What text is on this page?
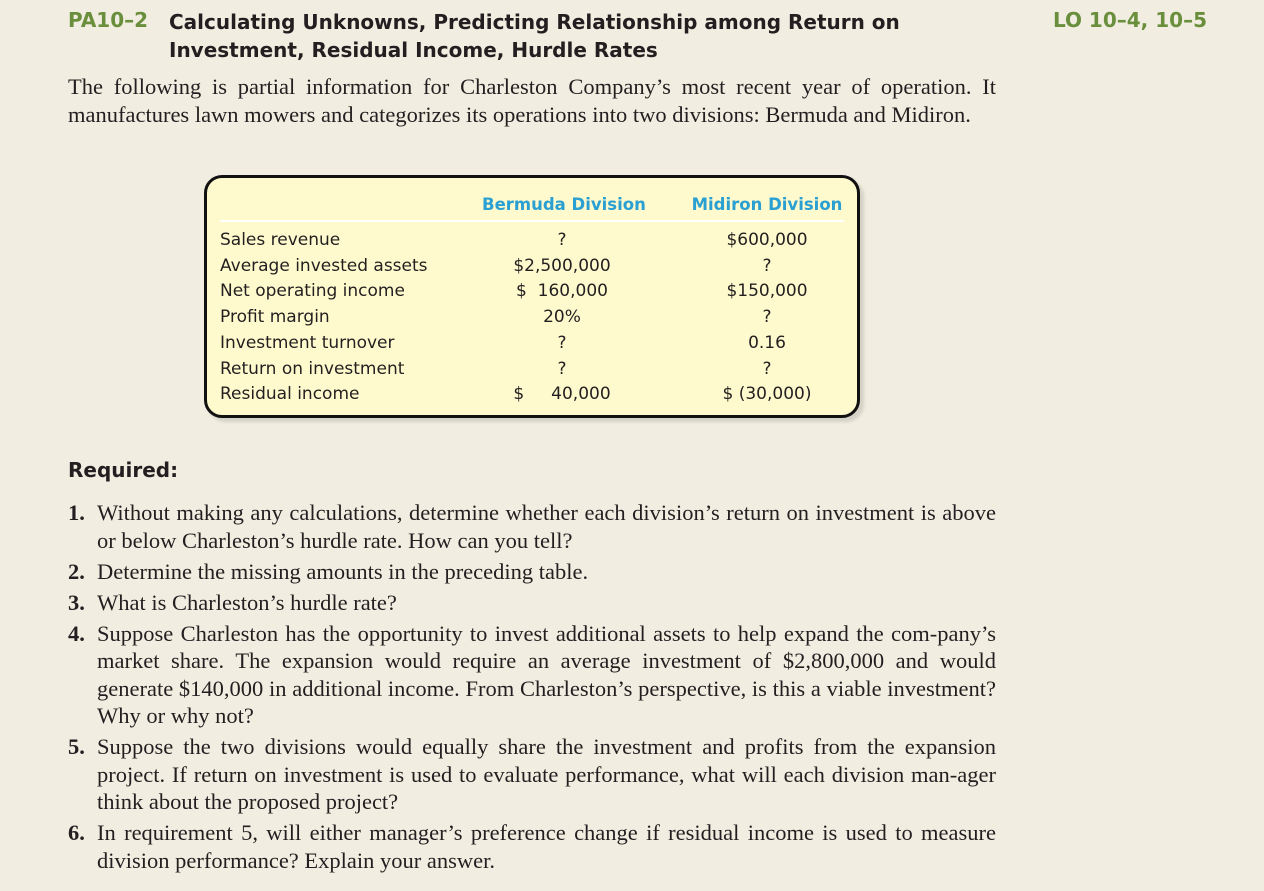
PA10–2 Calculating Unknowns, Predicting Relationship among Return on Investment, Residual Income, Hurdle Rates
LO 10–4, 10–5

The following is partial information for Charleston Company’s most recent year of operation. It manufactures lawn mowers and categorizes its operations into two divisions: Bermuda and Midiron.

Bermuda Division	Midiron Division
Sales revenue	?	$600,000
Average invested assets	$2,500,000	?
Net operating income	$  160,000	$150,000
Profit margin	20%	?
Investment turnover	?	0.16
Return on investment	?	?
Residual income	$     40,000	$ (30,000)
Required:
1. Without making any calculations, determine whether each division’s return on investment is above or below Charleston’s hurdle rate. How can you tell?
2. Determine the missing amounts in the preceding table.
3. What is Charleston’s hurdle rate?
4. Suppose Charleston has the opportunity to invest additional assets to help expand the com-pany’s market share. The expansion would require an average investment of $2,800,000 and would generate $140,000 in additional income. From Charleston’s perspective, is this a viable investment? Why or why not?
5. Suppose the two divisions would equally share the investment and profits from the expansion project. If return on investment is used to evaluate performance, what will each division man-ager think about the proposed project?
6. In requirement 5, will either manager’s preference change if residual income is used to measure division performance? Explain your answer.
